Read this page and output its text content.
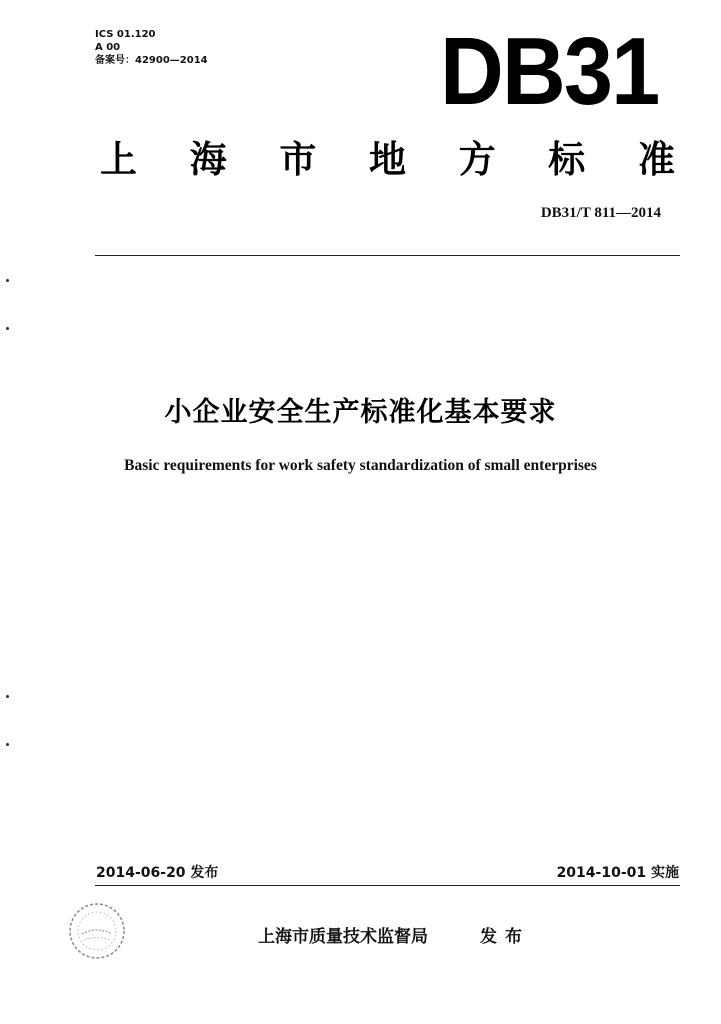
ICS 01.120
A 00
备案号：42900—2014 DB31
上 海 市 地 方 标 准
DB31/T 811—2014
小企业安全生产标准化基本要求
Basic requirements for work safety standardization of small enterprises
2014-06-20 发布	2014-10-01 实施
上海市质量技术监督局	发布
